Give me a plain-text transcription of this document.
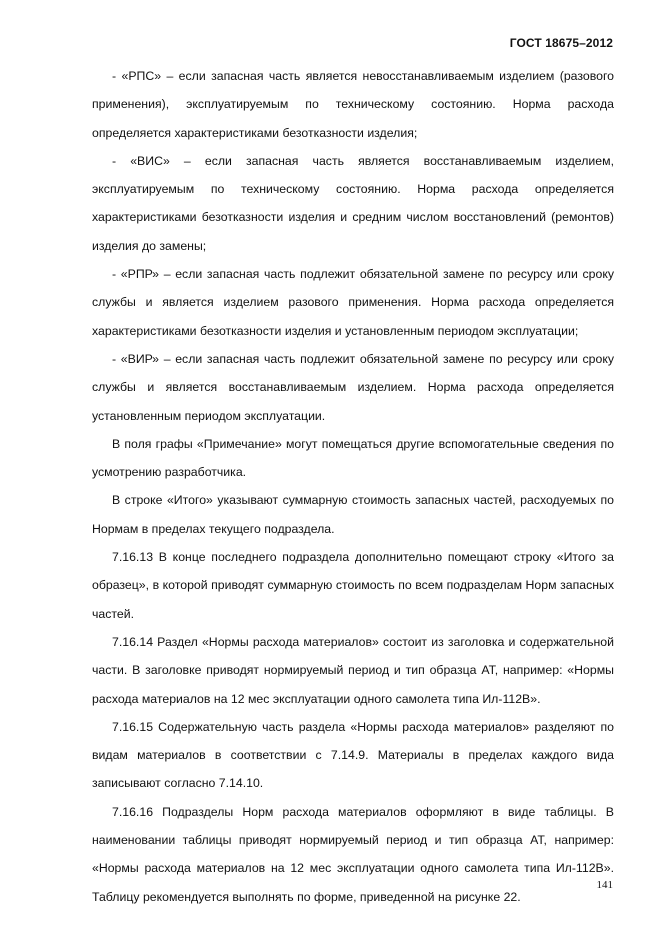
ГОСТ 18675–2012

- «РПС» – если запасная часть является невосстанавливаемым изделием (разового применения), эксплуатируемым по техническому состоянию. Норма расхода определяется характеристиками безотказности изделия;

- «ВИС» – если запасная часть является восстанавливаемым изделием, эксплуатируемым по техническому состоянию. Норма расхода определяется характеристиками безотказности изделия и средним числом восстановлений (ремонтов) изделия до замены;

- «РПР» – если запасная часть подлежит обязательной замене по ресурсу или сроку службы и является изделием разового применения. Норма расхода определяется характеристиками безотказности изделия и установленным периодом эксплуатации;

- «ВИР» – если запасная часть подлежит обязательной замене по ресурсу или сроку службы и является восстанавливаемым изделием. Норма расхода определяется установленным периодом эксплуатации.

В поля графы «Примечание» могут помещаться другие вспомогательные сведения по усмотрению разработчика.

В строке «Итого» указывают суммарную стоимость запасных частей, расходуемых по Нормам в пределах текущего подраздела.

7.16.13 В конце последнего подраздела дополнительно помещают строку «Итого за образец», в которой приводят суммарную стоимость по всем подразделам Норм запасных частей.

7.16.14 Раздел «Нормы расхода материалов» состоит из заголовка и содержательной части. В заголовке приводят нормируемый период и тип образца АТ, например: «Нормы расхода материалов на 12 мес эксплуатации одного самолета типа Ил-112В».

7.16.15 Содержательную часть раздела «Нормы расхода материалов» разделяют по видам материалов в соответствии с 7.14.9. Материалы в пределах каждого вида записывают согласно 7.14.10.

7.16.16 Подразделы Норм расхода материалов оформляют в виде таблицы. В наименовании таблицы приводят нормируемый период и тип образца АТ, например: «Нормы расхода материалов на 12 мес эксплуатации одного самолета типа Ил-112В». Таблицу рекомендуется выполнять по форме, приведенной на рисунке 22.

141
